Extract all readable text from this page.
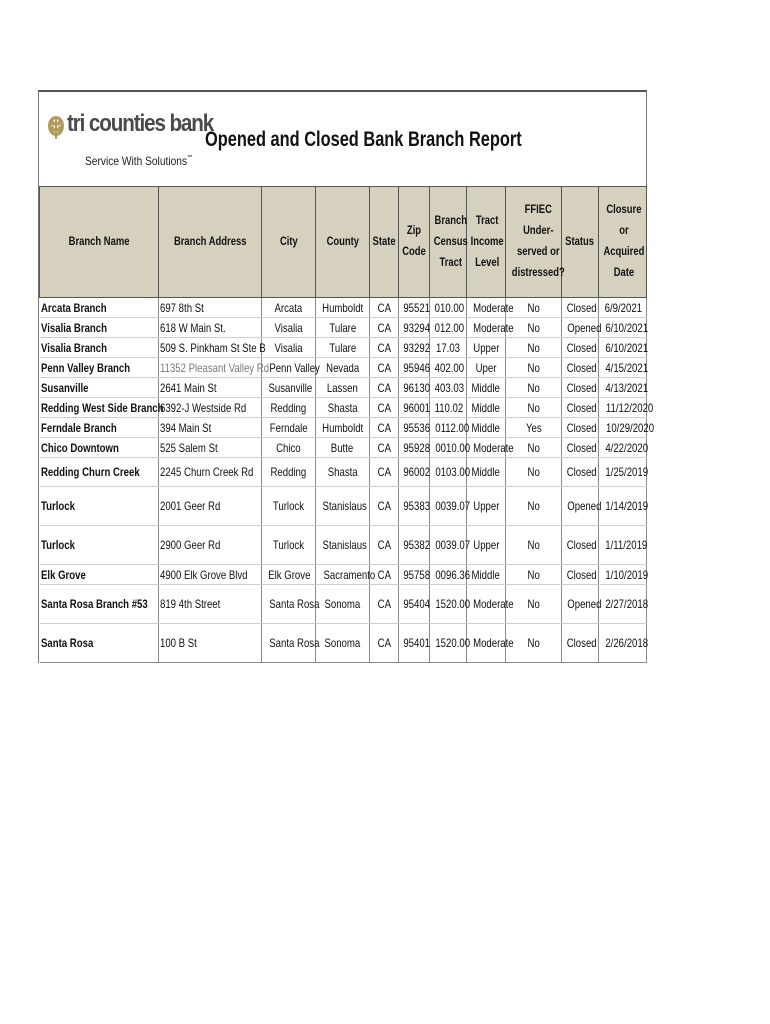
tri counties bank
Service With Solutions℠
Opened and Closed Bank Branch Report
Branch Name	Branch Address	City	County	State	Zip Code	Branch Census Tract	Tract Income Level	FFIEC Under-served or distressed?	Status	Closure or Acquired Date
Arcata Branch	697 8th St	Arcata	Humboldt	CA	95521	010.00	Moderate	No	Closed	6/9/2021
Visalia Branch	618 W Main St.	Visalia	Tulare	CA	93294	012.00	Moderate	No	Opened	6/10/2021
Visalia Branch	509 S. Pinkham St Ste B	Visalia	Tulare	CA	93292	17.03	Upper	No	Closed	6/10/2021
Penn Valley Branch	11352 Pleasant Valley Rd	Penn Valley	Nevada	CA	95946	402.00	Uper	No	Closed	4/15/2021
Susanville	2641 Main St	Susanville	Lassen	CA	96130	403.03	Middle	No	Closed	4/13/2021
Redding West Side Branch	6392-J Westside Rd	Redding	Shasta	CA	96001	110.02	Middle	No	Closed	11/12/2020
Ferndale Branch	394 Main St	Ferndale	Humboldt	CA	95536	0112.00	Middle	Yes	Closed	10/29/2020
Chico Downtown	525 Salem St	Chico	Butte	CA	95928	0010.00	Moderate	No	Closed	4/22/2020
Redding Churn Creek	2245 Churn Creek Rd	Redding	Shasta	CA	96002	0103.00	Middle	No	Closed	1/25/2019
Turlock	2001 Geer Rd	Turlock	Stanislaus	CA	95383	0039.07	Upper	No	Opened	1/14/2019
Turlock	2900 Geer Rd	Turlock	Stanislaus	CA	95382	0039.07	Upper	No	Closed	1/11/2019
Elk Grove	4900 Elk Grove Blvd	Elk Grove	Sacramento	CA	95758	0096.36	Middle	No	Closed	1/10/2019
Santa Rosa Branch #53	819 4th Street	Santa Rosa	Sonoma	CA	95404	1520.00	Moderate	No	Opened	2/27/2018
Santa Rosa	100 B St	Santa Rosa	Sonoma	CA	95401	1520.00	Moderate	No	Closed	2/26/2018
